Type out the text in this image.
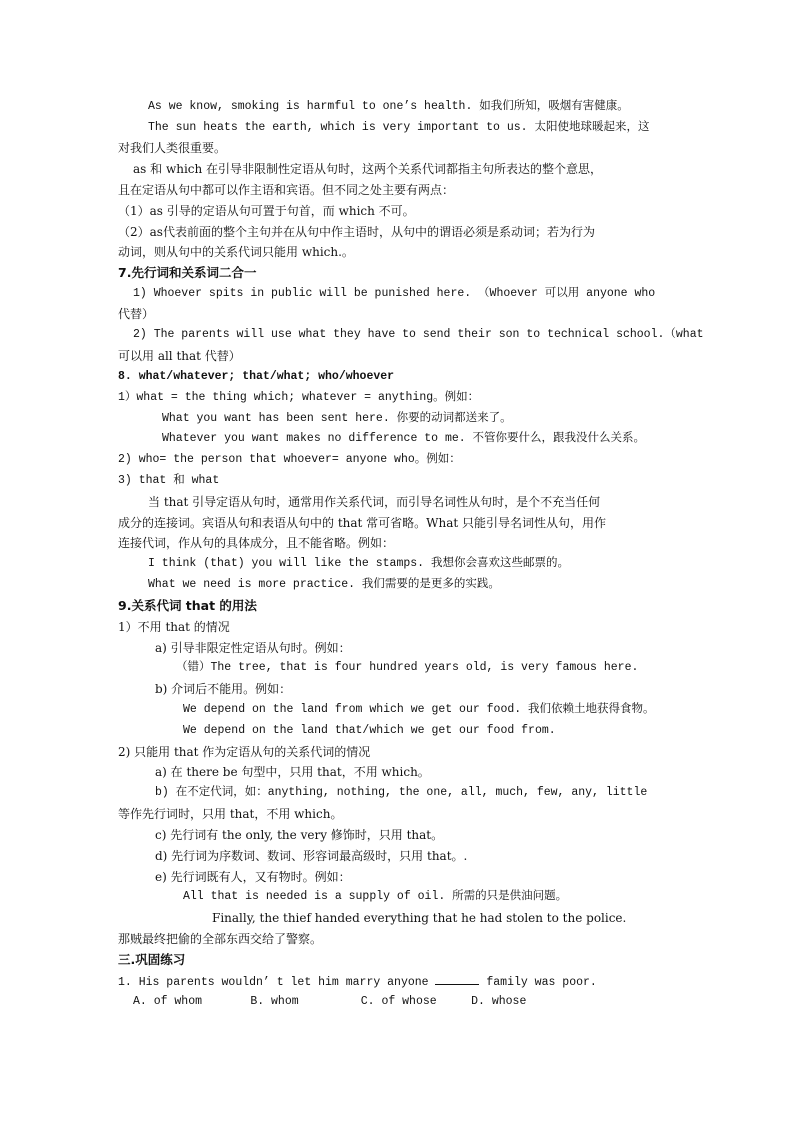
As we know, smoking is harmful to one’s health. 如我们所知，吸烟有害健康。
The sun heats the earth, which is very important to us. 太阳使地球暖起来，这
对我们人类很重要。
as 和 which 在引导非限制性定语从句时，这两个关系代词都指主句所表达的整个意思，
且在定语从句中都可以作主语和宾语。但不同之处主要有两点：
（1）as 引导的定语从句可置于句首，而 which 不可。
（2）as代表前面的整个主句并在从句中作主语时，从句中的谓语必须是系动词；若为行为
动词，则从句中的关系代词只能用 which.。
7.先行词和关系词二合一
1) Whoever spits in public will be punished here. （Whoever 可以用 anyone who
代替）
2) The parents will use what they have to send their son to technical school.（what
可以用 all that 代替）
8. what/whatever; that/what; who/whoever
1）what = the thing which; whatever = anything。例如：
What you want has been sent here. 你要的动词都送来了。
Whatever you want makes no difference to me. 不管你要什么，跟我没什么关系。
2) who= the person that whoever= anyone who。例如：
3) that 和 what
当 that 引导定语从句时，通常用作关系代词，而引导名词性从句时，是个不充当任何
成分的连接词。宾语从句和表语从句中的 that 常可省略。What 只能引导名词性从句，用作
连接代词，作从句的具体成分，且不能省略。例如：
I think (that) you will like the stamps. 我想你会喜欢这些邮票的。
What we need is more practice. 我们需要的是更多的实践。
9.关系代词 that 的用法
1）不用 that 的情况
a) 引导非限定性定语从句时。例如：
（错）The tree, that is four hundred years old, is very famous here.
b) 介词后不能用。例如：
We depend on the land from which we get our food. 我们依赖土地获得食物。
We depend on the land that/which we get our food from.
2) 只能用 that 作为定语从句的关系代词的情况
a) 在 there be 句型中，只用 that，不用 which。
b) 在不定代词，如：anything, nothing, the one, all, much, few, any, little
等作先行词时，只用 that，不用 which。
c) 先行词有 the only, the very 修饰时，只用 that。
d) 先行词为序数词、数词、形容词最高级时，只用 that。.
e) 先行词既有人，又有物时。例如：
All that is needed is a supply of oil. 所需的只是供油问题。
Finally, the thief handed everything that he had stolen to the police.
那贼最终把偷的全部东西交给了警察。
三.巩固练习
1. His parents wouldn’ t let him marry anyone	family was poor.
A. of whom       B. whom         C. of whose     D. whose
